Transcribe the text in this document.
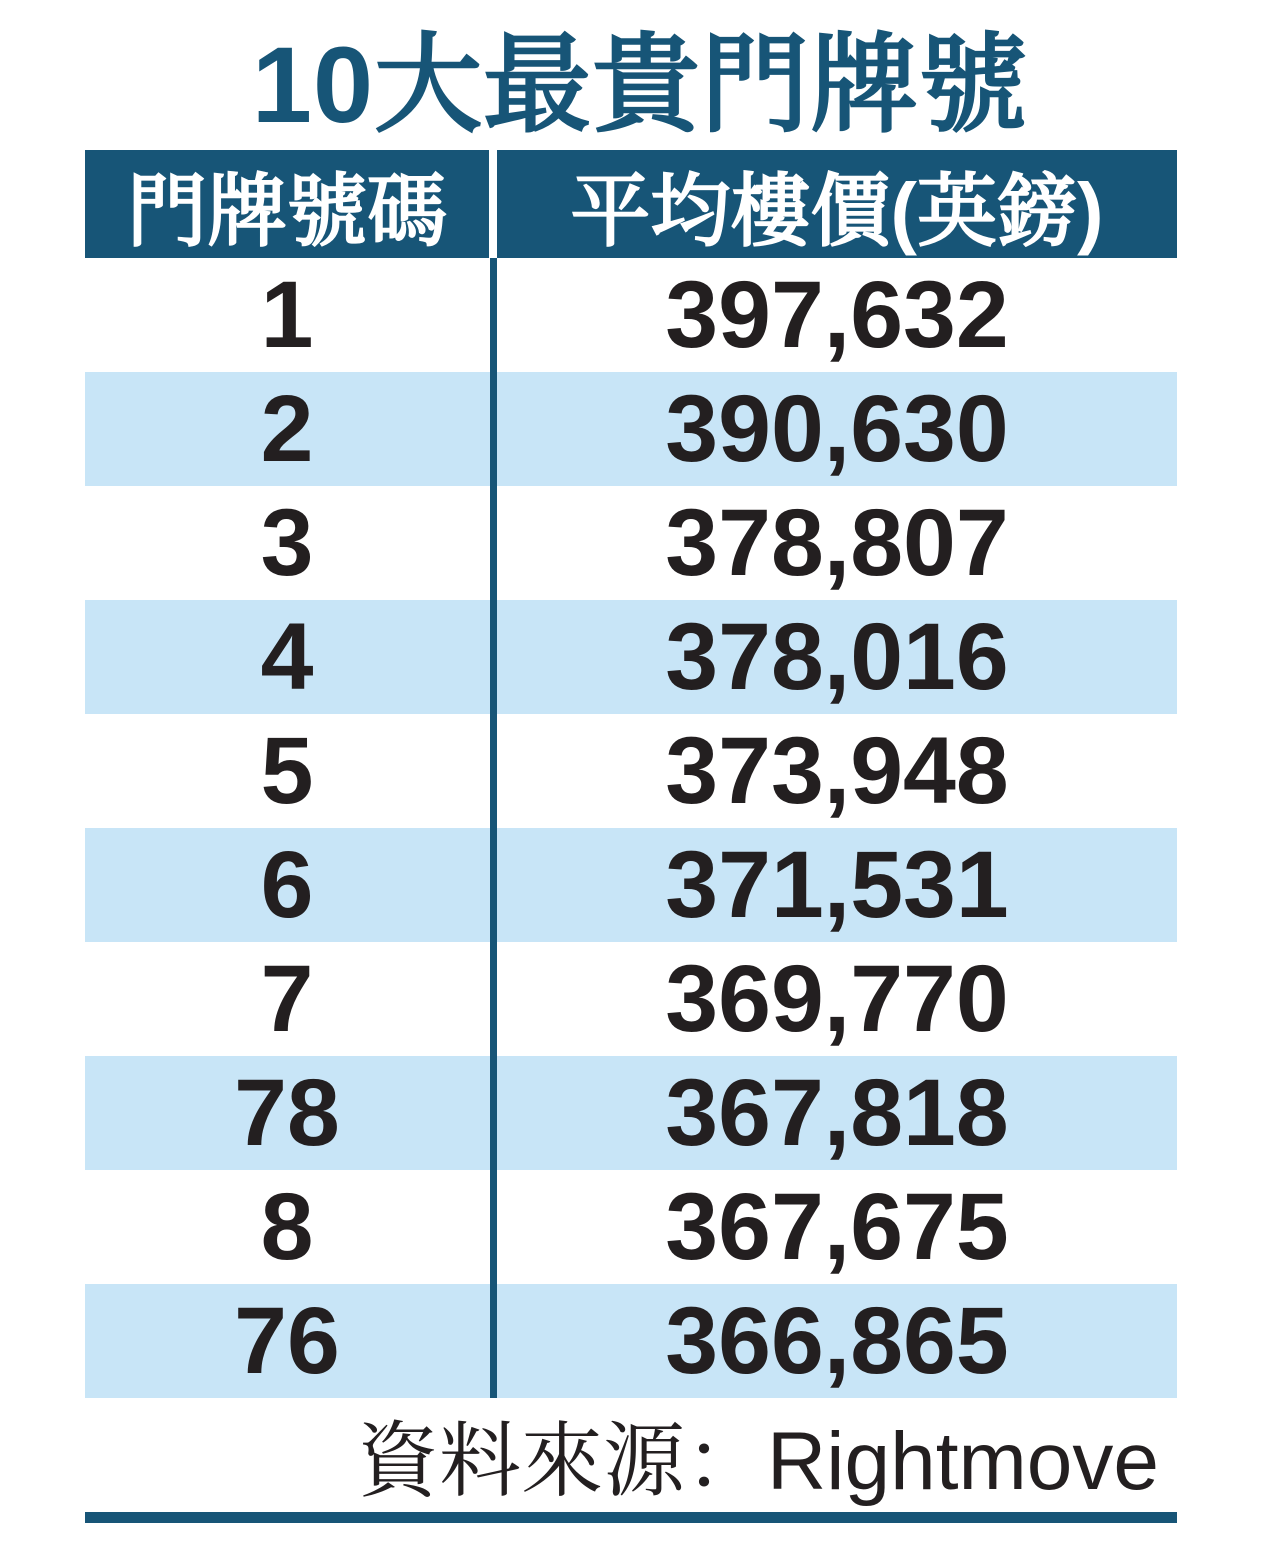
10大最貴門牌號
門牌號碼	平均樓價(英鎊)
1	397,632
2	390,630
3	378,807
4	378,016
5	373,948
6	371,531
7	369,770
78	367,818
8	367,675
76	366,865
資料來源：Rightmove
